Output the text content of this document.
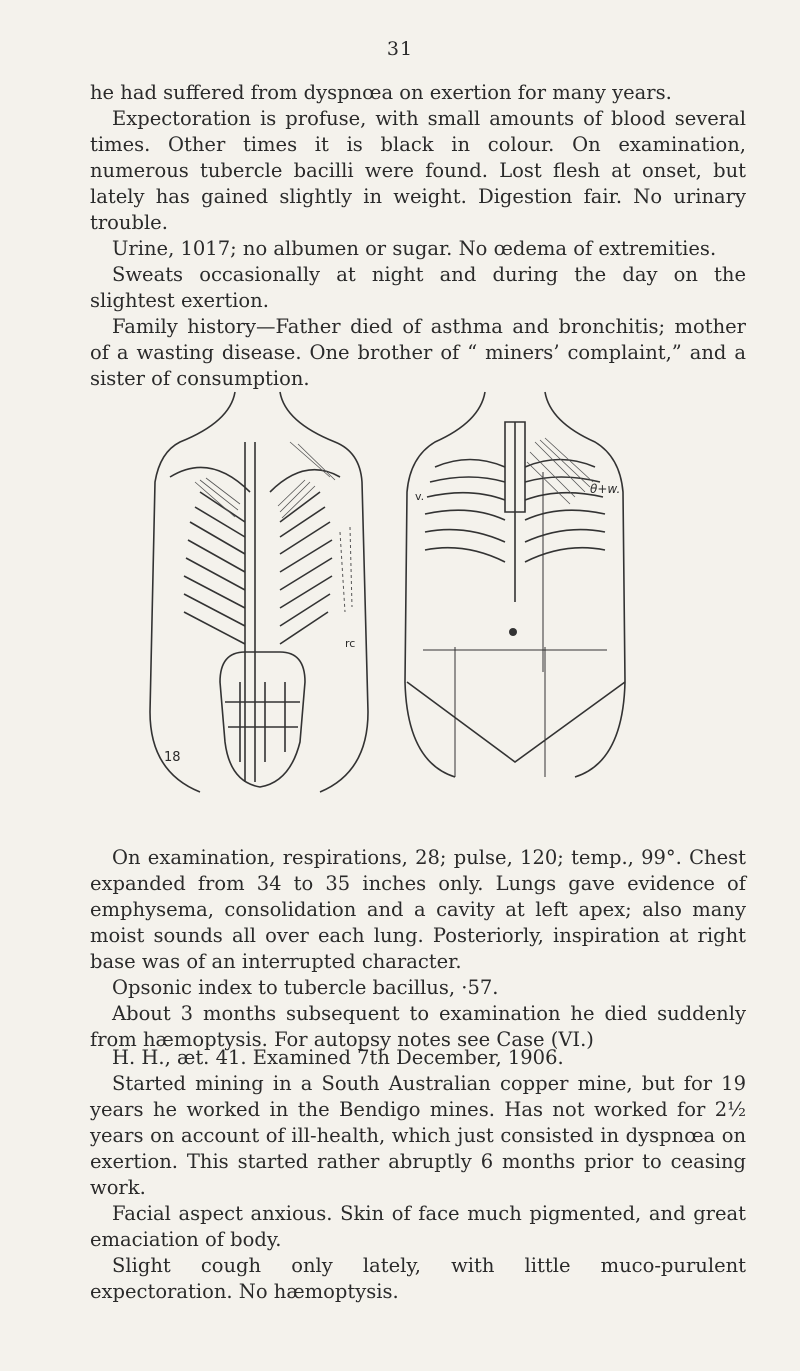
31

he had suffered from dyspnœa on exertion for many years.

Expectoration is profuse, with small amounts of blood several times. Other times it is black in colour. On examination, numerous tubercle bacilli were found. Lost flesh at onset, but lately has gained slightly in weight. Digestion fair. No urinary trouble.

Urine, 1017; no albumen or sugar. No œdema of extremities.

Sweats occasionally at night and during the day on the slightest exertion.

Family history—Father died of asthma and bronchitis; mother of a wasting disease. One brother of “ miners’ complaint,” and a sister of consumption.

18
rc
v.
θ+w.

On examination, respirations, 28; pulse, 120; temp., 99°. Chest expanded from 34 to 35 inches only. Lungs gave evidence of emphysema, consolidation and a cavity at left apex; also many moist sounds all over each lung. Posteriorly, inspiration at right base was of an interrupted character.

Opsonic index to tubercle bacillus, ·57.

About 3 months subsequent to examination he died suddenly from hæmoptysis. For autopsy notes see Case (VI.)

H. H., æt. 41. Examined 7th December, 1906.

Started mining in a South Australian copper mine, but for 19 years he worked in the Bendigo mines. Has not worked for 2½ years on account of ill-health, which just consisted in dyspnœa on exertion. This started rather abruptly 6 months prior to ceasing work.

Facial aspect anxious. Skin of face much pigmented, and great emaciation of body.

Slight cough only lately, with little muco-purulent expectoration. No hæmoptysis.
